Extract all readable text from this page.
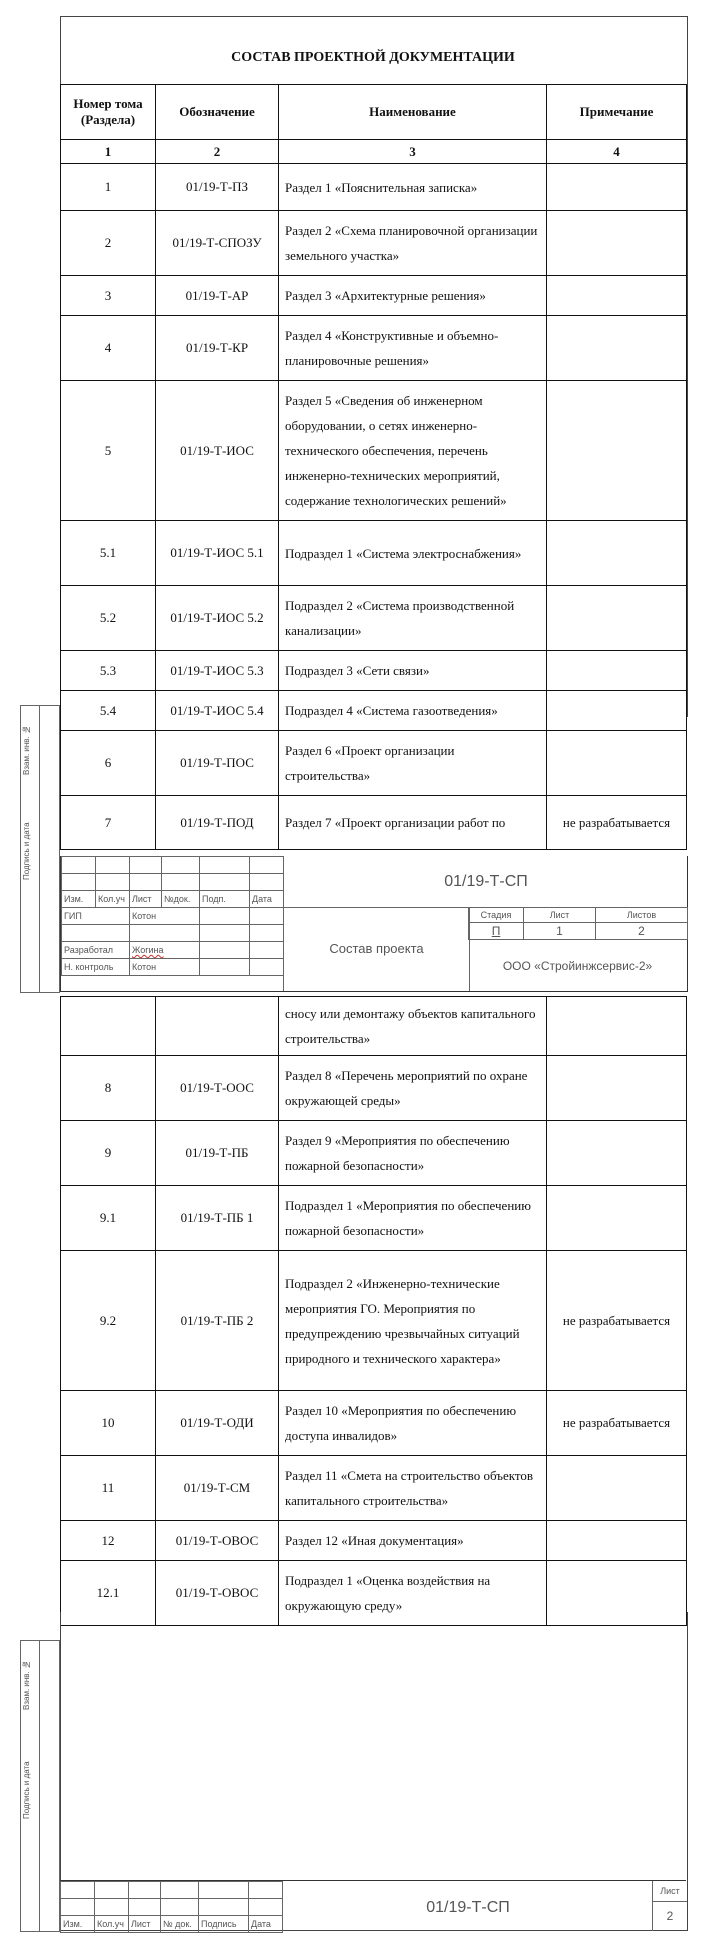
СОСТАВ ПРОЕКТНОЙ ДОКУМЕНТАЦИИ
Номер тома (Раздела)	Обозначение	Наименование	Примечание
1	2	3	4
1	01/19-Т-ПЗ	Раздел 1 «Пояснительная записка»	
2	01/19-Т-СПОЗУ	Раздел 2 «Схема планировочной организации земельного участка»	
3	01/19-Т-АР	Раздел 3 «Архитектурные решения»	
4	01/19-Т-КР	Раздел 4 «Конструктивные и объемно-планировочные решения»	
5	01/19-Т-ИОС	Раздел 5 «Сведения об инженерном оборудовании, о сетях инженерно-технического обеспечения, перечень инженерно-технических мероприятий, содержание технологических решений»	
5.1	01/19-Т-ИОС 5.1	Подраздел 1 «Система электроснабжения»	
5.2	01/19-Т-ИОС 5.2	Подраздел 2 «Система производственной канализации»	
5.3	01/19-Т-ИОС 5.3	Подраздел 3 «Сети связи»	
5.4	01/19-Т-ИОС 5.4	Подраздел 4 «Система газоотведения»	
6	01/19-Т-ПОС	Раздел 6 «Проект организации строительства»	
7	01/19-Т-ПОД	Раздел 7 «Проект организации работ по	не разрабатывается
Взам. инв. №
Подпись и дата

Изм.	Кол.уч	Лист	№док.	Подп.	Дата
ГИП	Котон		

Разработал	Жогина		
Н. контроль	Котон		
01/19-Т-СП
Состав проекта
Стадия	Лист	Листов
П	1	2
ООО «Стройинжсервис-2»
		сносу или демонтажу объектов капитального строительства»	
8	01/19-Т-ООС	Раздел 8 «Перечень мероприятий по охране окружающей среды»	
9	01/19-Т-ПБ	Раздел 9 «Мероприятия по обеспечению пожарной безопасности»	
9.1	01/19-Т-ПБ 1	Подраздел 1 «Мероприятия по обеспечению пожарной безопасности»	
9.2	01/19-Т-ПБ 2	Подраздел 2 «Инженерно-технические мероприятия ГО. Мероприятия по предупреждению чрезвычайных ситуаций природного и технического характера»	не разрабатывается
10	01/19-Т-ОДИ	Раздел 10 «Мероприятия по обеспечению доступа инвалидов»	не разрабатывается
11	01/19-Т-СМ	Раздел 11 «Смета на строительство объектов капитального строительства»	
12	01/19-Т-ОВОС	Раздел 12 «Иная документация»	
12.1	01/19-Т-ОВОС	Подраздел 1 «Оценка воздействия на окружающую среду»	
Взам. инв. №
Подпись и дата

Изм.	Кол.уч	Лист	№ док.	Подпись	Дата
01/19-Т-СП
Лист
2
